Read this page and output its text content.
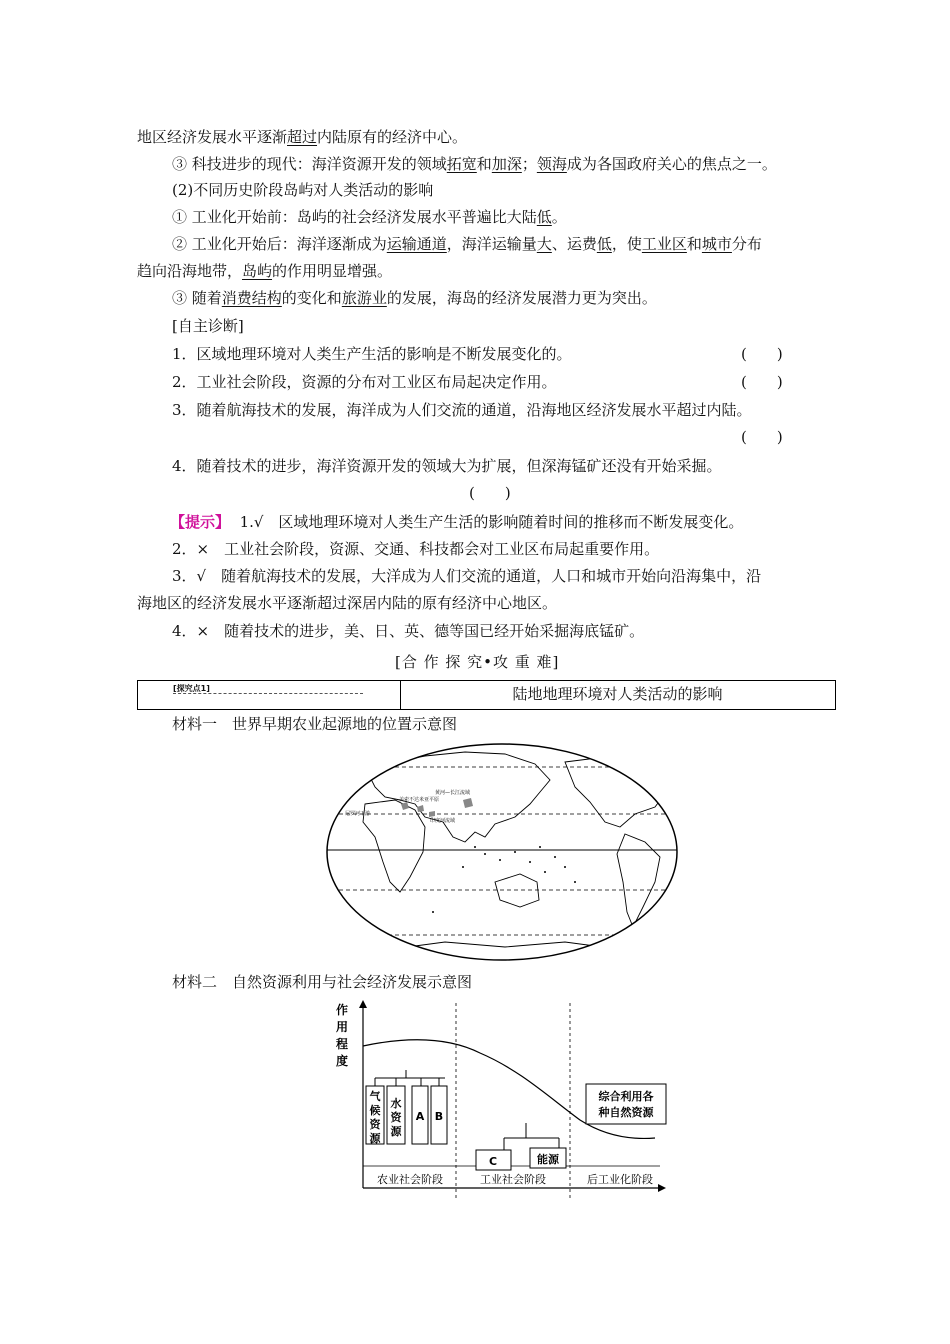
地区经济发展水平逐渐超过内陆原有的经济中心。
③ 科技进步的现代：海洋资源开发的领域拓宽和加深；领海成为各国政府关心的焦点之一。
(2)不同历史阶段岛屿对人类活动的影响
① 工业化开始前：岛屿的社会经济发展水平普遍比大陆低。
② 工业化开始后：海洋逐渐成为运输通道，海洋运输量大、运费低，使工业区和城市分布
趋向沿海地带，岛屿的作用明显增强。
③ 随着消费结构的变化和旅游业的发展，海岛的经济发展潜力更为突出。
[自主诊断]
1．区域地理环境对人类生产生活的影响是不断发展变化的。	(　　)
2．工业社会阶段，资源的分布对工业区布局起决定作用。	(　　)
3．随着航海技术的发展，海洋成为人们交流的通道，沿海地区经济发展水平超过内陆。
(　　)
4．随着技术的进步，海洋资源开发的领域大为扩展，但深海锰矿还没有开始采掘。
(　　)
【提示】 1.√　区域地理环境对人类生产生活的影响随着时间的推移而不断发展变化。
2．×　工业社会阶段，资源、交通、科技都会对工业区布局起重要作用。
3．√　随着航海技术的发展，大洋成为人们交流的通道，人口和城市开始向沿海集中，沿
海地区的经济发展水平逐渐超过深居内陆的原有经济中心地区。
4．×　随着技术的进步，美、日、英、德等国已经开始采掘海底锰矿。
[合 作 探 究•攻 重 难]
[探究点1]	陆地地理环境对人类活动的影响
材料一　世界早期农业起源地的位置示意图
黄河—长江流域
美索不达米亚平原
尼罗河下游
印度河流域
材料二　自然资源利用与社会经济发展示意图
作
用
程
度
气
候
资
源
水
资
源
A B
C	能源
综合利用各
种自然资源
农业社会阶段	工业社会阶段	后工业化阶段
